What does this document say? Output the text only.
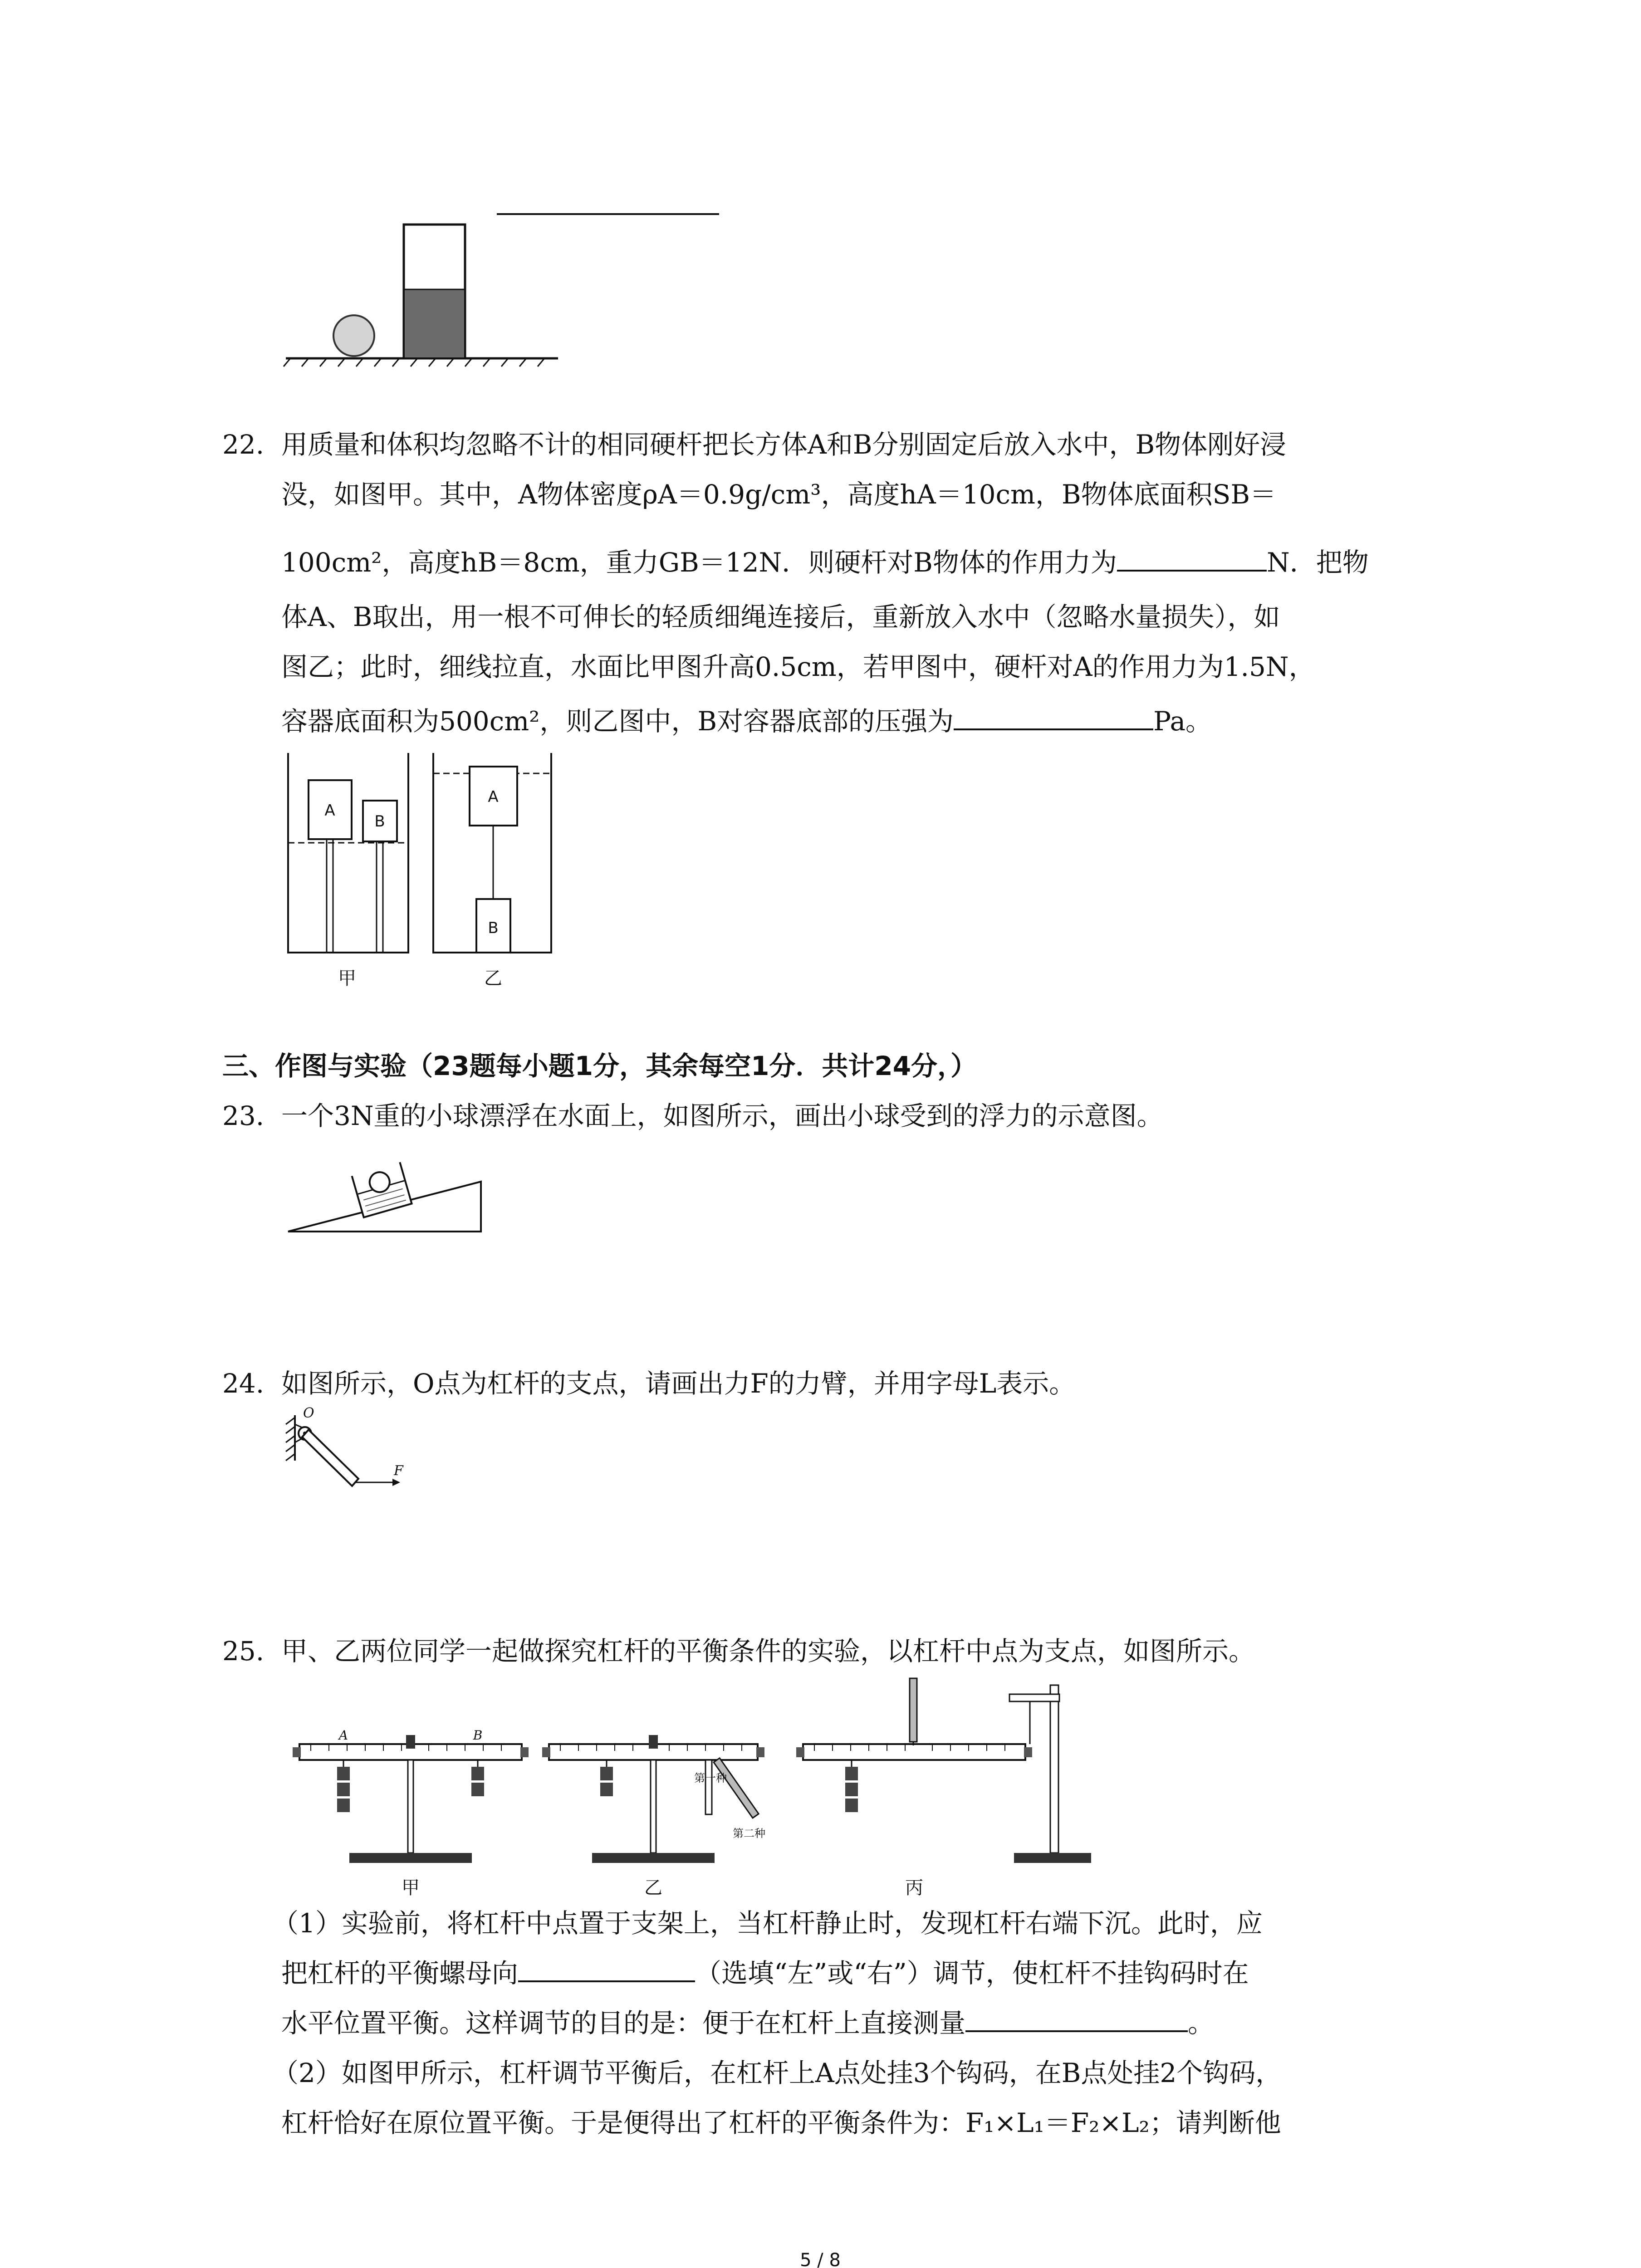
22. 用质量和体积均忽略不计的相同硬杆把长方体A和B分别固定后放入水中，B物体刚好浸
没，如图甲。其中，A物体密度ρA＝0.9g/cm³，高度hA＝10cm，B物体底面积SB＝
100cm²，高度hB＝8cm，重力GB＝12N．则硬杆对B物体的作用力为	N．把物
体A、B取出，用一根不可伸长的轻质细绳连接后，重新放入水中（忽略水量损失），如
图乙；此时，细线拉直，水面比甲图升高0.5cm，若甲图中，硬杆对A的作用力为1.5N，
容器底面积为500cm²，则乙图中，B对容器底部的压强为	Pa。
A
B
甲
A
B
乙
三、作图与实验（23题每小题1分，其余每空1分．共计24分，）
23. 一个3N重的小球漂浮在水面上，如图所示，画出小球受到的浮力的示意图。
24. 如图所示，O点为杠杆的支点，请画出力F的力臂，并用字母L表示。
O
F
25. 甲、乙两位同学一起做探究杠杆的平衡条件的实验，以杠杆中点为支点，如图所示。
A	B
甲
第一种
第二种
乙	丙
（1）实验前，将杠杆中点置于支架上，当杠杆静止时，发现杠杆右端下沉。此时，应
把杠杆的平衡螺母向	（选填“左”或“右”）调节，使杠杆不挂钩码时在
水平位置平衡。这样调节的目的是：便于在杠杆上直接测量	。
（2）如图甲所示，杠杆调节平衡后，在杠杆上A点处挂3个钩码，在B点处挂2个钩码，
杠杆恰好在原位置平衡。于是便得出了杠杆的平衡条件为：F₁×L₁＝F₂×L₂；请判断他
5 / 8
